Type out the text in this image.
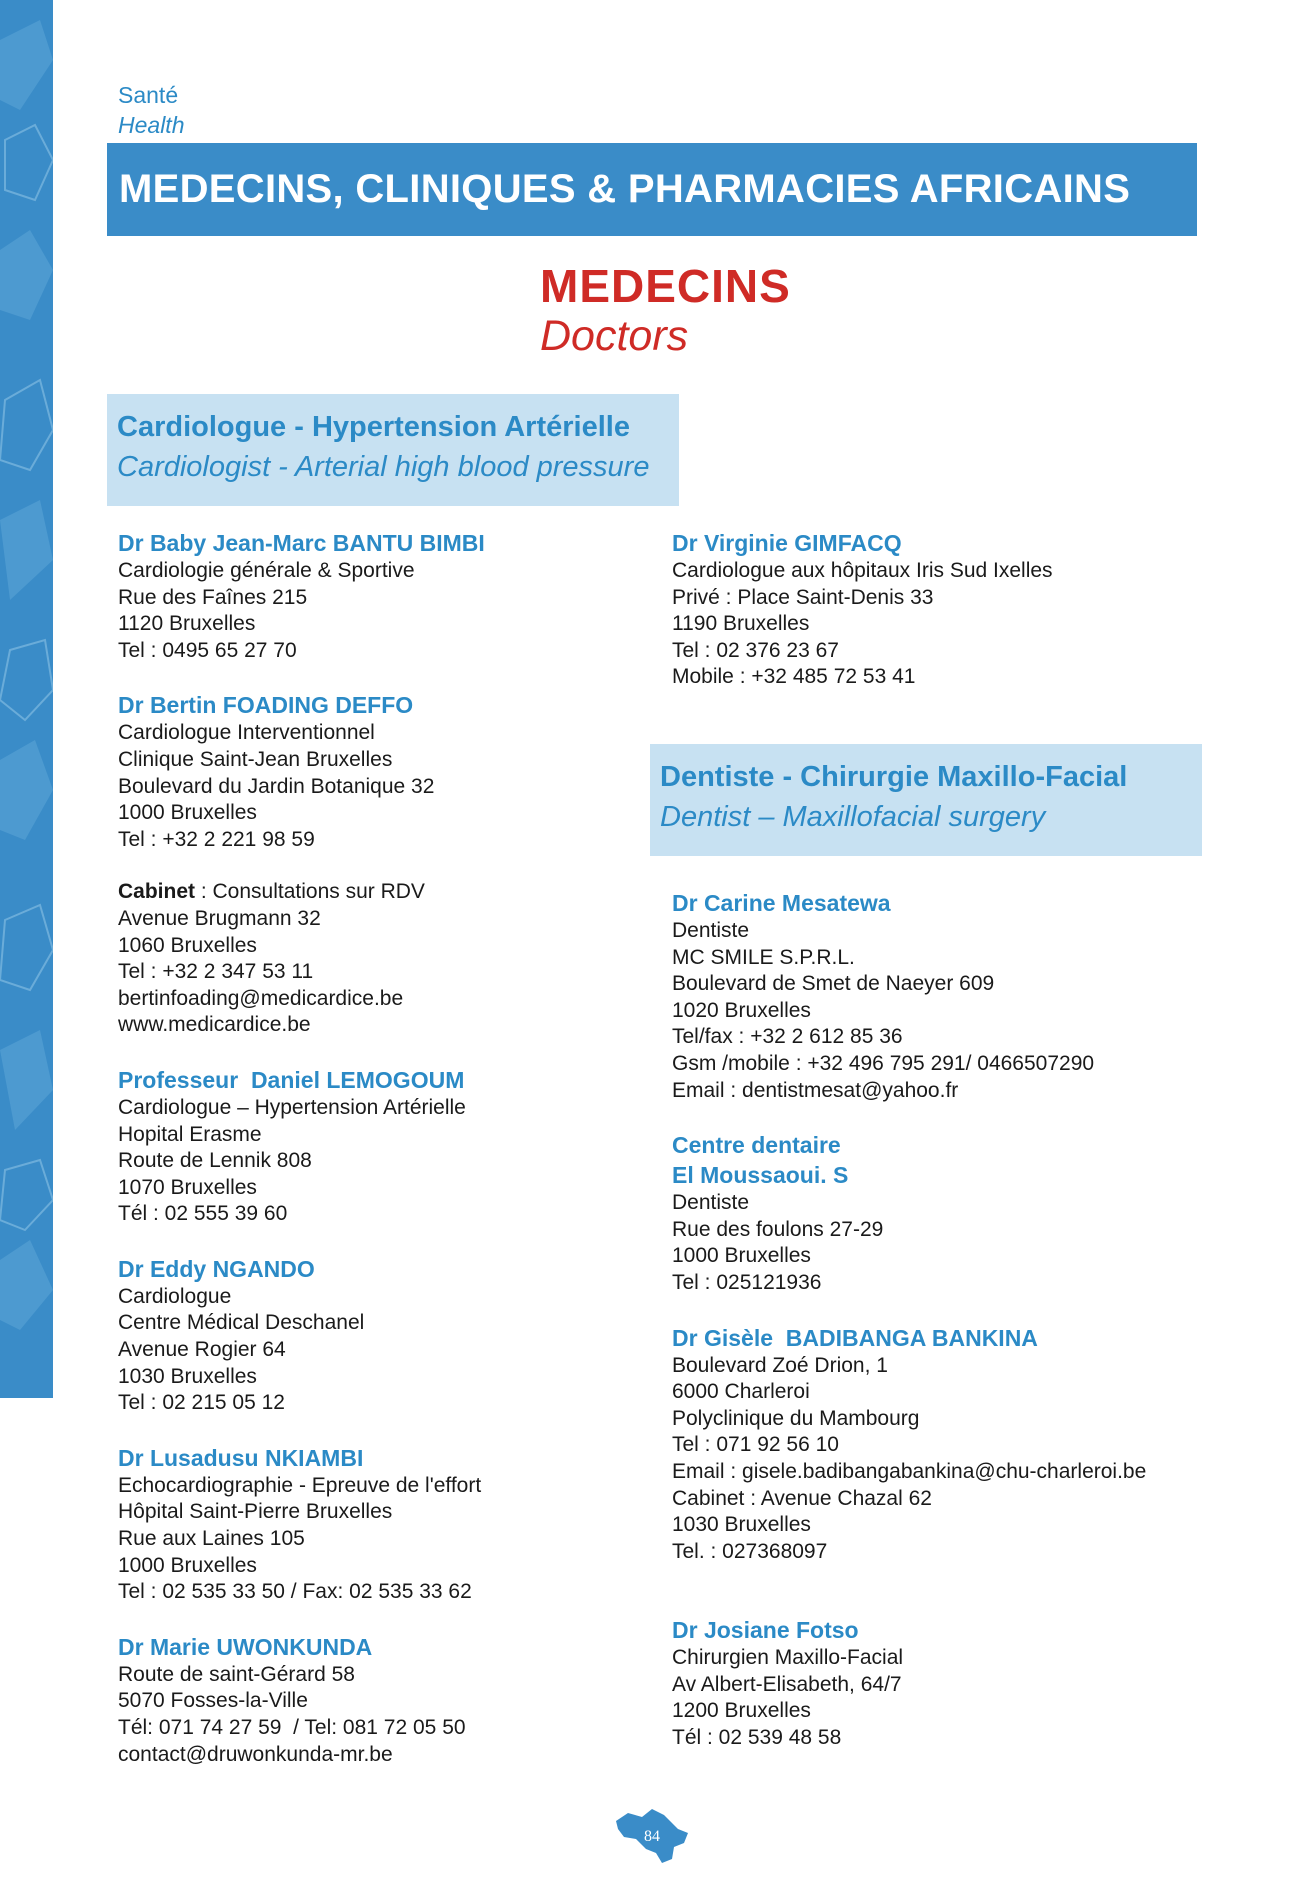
Santé
Health
MEDECINS, CLINIQUES & PHARMACIES AFRICAINS
MEDECINS
Doctors
Cardiologue - Hypertension Artérielle
Cardiologist - Arterial high blood pressure
Dentiste - Chirurgie Maxillo-Facial
Dentist – Maxillofacial surgery
Dr Baby Jean-Marc BANTU BIMBI
Cardiologie générale & Sportive
Rue des Faînes 215
1120 Bruxelles
Tel : 0495 65 27 70
Dr Bertin FOADING DEFFO
Cardiologue Interventionnel
Clinique Saint-Jean Bruxelles
Boulevard du Jardin Botanique 32
1000 Bruxelles
Tel : +32 2 221 98 59
Cabinet : Consultations sur RDV
Avenue Brugmann 32
1060 Bruxelles
Tel : +32 2 347 53 11
bertinfoading@medicardice.be
www.medicardice.be
Professeur  Daniel LEMOGOUM
Cardiologue – Hypertension Artérielle
Hopital Erasme
Route de Lennik 808
1070 Bruxelles
Tél : 02 555 39 60
Dr Eddy NGANDO
Cardiologue
Centre Médical Deschanel
Avenue Rogier 64
1030 Bruxelles
Tel : 02 215 05 12
Dr Lusadusu NKIAMBI
Echocardiographie - Epreuve de l'effort
Hôpital Saint-Pierre Bruxelles
Rue aux Laines 105
1000 Bruxelles
Tel : 02 535 33 50 / Fax: 02 535 33 62
Dr Marie UWONKUNDA
Route de saint-Gérard 58
5070 Fosses-la-Ville
Tél: 071 74 27 59  / Tel: 081 72 05 50
contact@druwonkunda-mr.be
Dr Virginie GIMFACQ
Cardiologue aux hôpitaux Iris Sud Ixelles
Privé : Place Saint-Denis 33
1190 Bruxelles
Tel : 02 376 23 67
Mobile : +32 485 72 53 41
Dr Carine Mesatewa
Dentiste
MC SMILE S.P.R.L.
Boulevard de Smet de Naeyer 609
1020 Bruxelles
Tel/fax : +32 2 612 85 36
Gsm /mobile : +32 496 795 291/ 0466507290
Email : dentistmesat@yahoo.fr
Centre dentaire
El Moussaoui. S
Dentiste
Rue des foulons 27-29
1000 Bruxelles
Tel : 025121936
Dr Gisèle  BADIBANGA BANKINA
Boulevard Zoé Drion, 1
6000 Charleroi
Polyclinique du Mambourg
Tel : 071 92 56 10
Email : gisele.badibangabankina@chu-charleroi.be
Cabinet : Avenue Chazal 62
1030 Bruxelles
Tel. : 027368097
Dr Josiane Fotso
Chirurgien Maxillo-Facial
Av Albert-Elisabeth, 64/7
1200 Bruxelles
Tél : 02 539 48 58
84
